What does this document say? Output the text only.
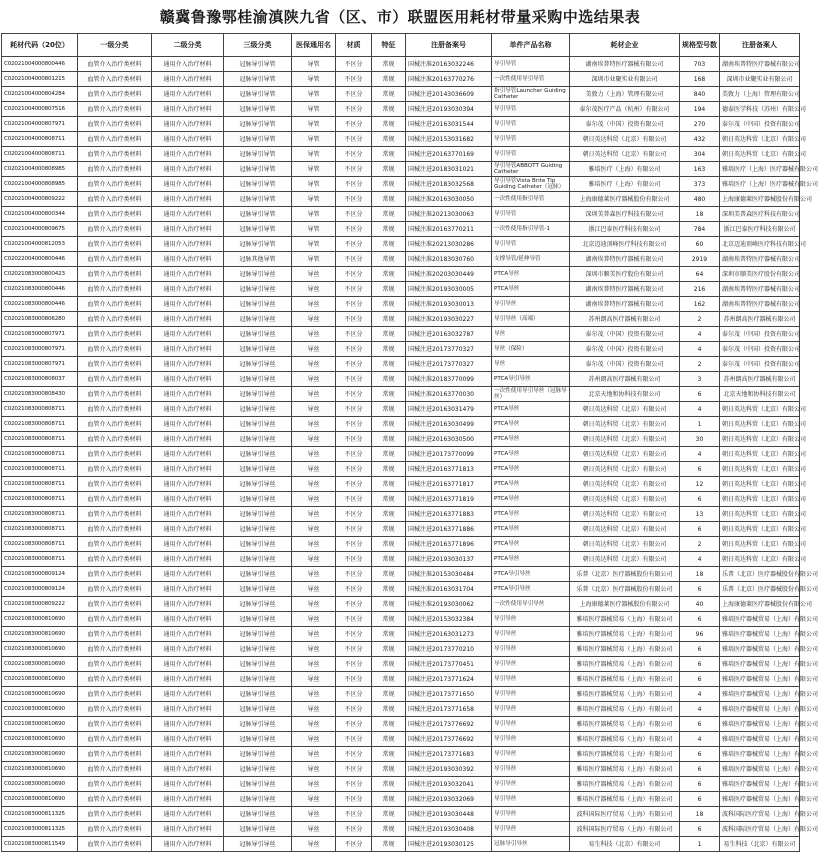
赣冀鲁豫鄂桂渝滇陕九省（区、市）联盟医用耗材带量采购中选结果表
耗材代码（20位）	一级分类	二级分类	三级分类	医保通用名	材质	特征	注册备案号	单件产品名称	耗材企业	规格型号数	注册备案人
C02021004000800446	血管介入治疗类材料	通用介入治疗材料	冠脉导引导管	导管	不区分	常规	国械注准20163032246	导引导管	湖南埃普特医疗器械有限公司	703	湖南埃普特医疗器械有限公司
C02021004000801215	血管介入治疗类材料	通用介入治疗材料	冠脉导引导管	导管	不区分	常规	国械注准20163770276	一次性使用导引导管	深圳市业聚实业有限公司	168	深圳市业聚实业有限公司
C02021004000804284	血管介入治疗类材料	通用介入治疗材料	冠脉导引导管	导管	不区分	常规	国械注进20143036609	指引导管Launcher Guiding Catheter	美敦力（上海）管理有限公司	840	美敦力（上海）管理有限公司
C02021004000807516	血管介入治疗类材料	通用介入治疗材料	冠脉导引导管	导管	不区分	常规	国械注进20193030394	导引导管	泰尔茂医疗产品（杭州）有限公司	194	德泰医学科技（苏州）有限公司
C02021004000807971	血管介入治疗类材料	通用介入治疗材料	冠脉导引导管	导管	不区分	常规	国械注进20163031544	导引导管	泰尔茂（中国）投资有限公司	270	泰尔茂（中国）投资有限公司
C02021004000808711	血管介入治疗类材料	通用介入治疗材料	冠脉导引导管	导管	不区分	常规	国械注进20153031682	导引导管	朝日英达科贸（北京）有限公司	432	朝日英达科贸（北京）有限公司
C02021004000808711	血管介入治疗类材料	通用介入治疗材料	冠脉导引导管	导管	不区分	常规	国械注进20163770169	导引导管	朝日英达科贸（北京）有限公司	304	朝日英达科贸（北京）有限公司
C02021004000808985	血管介入治疗类材料	通用介入治疗材料	冠脉导引导管	导管	不区分	常规	国械注进20183031021	导引导管ABBOTT Guiding Catheter	雅培医疗（上海）有限公司	163	雅培医疗（上海）医疗器械有限公司
C02021004000808985	血管介入治疗类材料	通用介入治疗材料	冠脉导引导管	导管	不区分	常规	国械注进20183032568	导引导管Vista Brite Tip Guiding Catheter（冠脉）	雅培医疗（上海）有限公司	373	雅培医疗（上海）医疗器械有限公司
C02021004000809222	血管介入治疗类材料	通用介入治疗材料	冠脉导引导管	导管	不区分	常规	国械注准20163030050	一次性使用指引导管	上海康德莱医疗器械股份有限公司	480	上海康德莱医疗器械股份有限公司
C02021004000800344	血管介入治疗类材料	通用介入治疗材料	冠脉导引导管	导管	不区分	常规	国械注准20213030063	导引导管	深圳美普森医疗科技有限公司	18	深圳美普森医疗科技有限公司
C02021004000809675	血管介入治疗类材料	通用介入治疗材料	冠脉导引导管	导管	不区分	常规	国械注准20163770211	一次性使用指引导管-1	浙江巴泰医疗科技有限公司	784	浙江巴泰医疗科技有限公司
C02021004000812053	血管介入治疗类材料	通用介入治疗材料	冠脉导引导管	导管	不区分	常规	国械注准20213030286	导引导管	北京迈迪顶峰医疗科技有限公司	60	北京迈迪顶峰医疗科技有限公司
C02022004000800446	血管介入治疗类材料	通用介入治疗材料	冠脉其他导管	导管	不区分	常规	国械注准20183030760	支撑导管/延伸导管	湖南埃普特医疗器械有限公司	2919	湖南埃普特医疗器械有限公司
C02021083000800423	血管介入治疗类材料	通用介入治疗材料	冠脉导引导丝	导丝	不区分	常规	国械注准20203030449	PTCA导丝	深圳市顺美医疗股份有限公司	64	深圳市顺美医疗股份有限公司
C02021083000800446	血管介入治疗类材料	通用介入治疗材料	冠脉导引导丝	导丝	不区分	常规	国械注准20193030005	PTCA导丝	湖南埃普特医疗器械有限公司	216	湖南埃普特医疗器械有限公司
C02021083000800446	血管介入治疗类材料	通用介入治疗材料	冠脉导引导丝	导丝	不区分	常规	国械注准20193030013	导引导丝	湖南埃普特医疗器械有限公司	162	湖南埃普特医疗器械有限公司
C02021083000806280	血管介入治疗类材料	通用介入治疗材料	冠脉导引导丝	导丝	不区分	常规	国械注准20193030227	导引导丝（高端）	苏州朗高医疗器械有限公司	2	苏州朗高医疗器械有限公司
C02021083000807971	血管介入治疗类材料	通用介入治疗材料	冠脉导引导丝	导丝	不区分	常规	国械注进20163032787	导丝	泰尔茂（中国）投资有限公司	4	泰尔茂（中国）投资有限公司
C02021083000807971	血管介入治疗类材料	通用介入治疗材料	冠脉导引导丝	导丝	不区分	常规	国械注进20173770327	导丝（保险）	泰尔茂（中国）投资有限公司	4	泰尔茂（中国）投资有限公司
C02021083000807971	血管介入治疗类材料	通用介入治疗材料	冠脉导引导丝	导丝	不区分	常规	国械注进20173770327	导丝	泰尔茂（中国）投资有限公司	2	泰尔茂（中国）投资有限公司
C02021083000808037	血管介入治疗类材料	通用介入治疗材料	冠脉导引导丝	导丝	不区分	常规	国械注准20183770099	PTCA导引导丝	苏州朗高医疗器械有限公司	3	苏州朗高医疗器械有限公司
C02021083000808430	血管介入治疗类材料	通用介入治疗材料	冠脉导引导丝	导丝	不区分	常规	国械注准20163770030	一次性使用导引导丝（冠脉导丝）	北京天地和协科技有限公司	6	北京天地和协科技有限公司
C02021083000808711	血管介入治疗类材料	通用介入治疗材料	冠脉导引导丝	导丝	不区分	常规	国械注进20163031479	PTCA导丝	朝日英达科贸（北京）有限公司	4	朝日英达科贸（北京）有限公司
C02021083000808711	血管介入治疗类材料	通用介入治疗材料	冠脉导引导丝	导丝	不区分	常规	国械注进20163030499	PTCA导丝	朝日英达科贸（北京）有限公司	1	朝日英达科贸（北京）有限公司
C02021083000808711	血管介入治疗类材料	通用介入治疗材料	冠脉导引导丝	导丝	不区分	常规	国械注进20163030500	PTCA导丝	朝日英达科贸（北京）有限公司	30	朝日英达科贸（北京）有限公司
C02021083000808711	血管介入治疗类材料	通用介入治疗材料	冠脉导引导丝	导丝	不区分	常规	国械注进20173770099	PTCA导丝	朝日英达科贸（北京）有限公司	4	朝日英达科贸（北京）有限公司
C02021083000808711	血管介入治疗类材料	通用介入治疗材料	冠脉导引导丝	导丝	不区分	常规	国械注进20163771813	PTCA导丝	朝日英达科贸（北京）有限公司	6	朝日英达科贸（北京）有限公司
C02021083000808711	血管介入治疗类材料	通用介入治疗材料	冠脉导引导丝	导丝	不区分	常规	国械注进20163771817	PTCA导丝	朝日英达科贸（北京）有限公司	12	朝日英达科贸（北京）有限公司
C02021083000808711	血管介入治疗类材料	通用介入治疗材料	冠脉导引导丝	导丝	不区分	常规	国械注进20163771819	PTCA导丝	朝日英达科贸（北京）有限公司	6	朝日英达科贸（北京）有限公司
C02021083000808711	血管介入治疗类材料	通用介入治疗材料	冠脉导引导丝	导丝	不区分	常规	国械注进20163771883	PTCA导丝	朝日英达科贸（北京）有限公司	13	朝日英达科贸（北京）有限公司
C02021083000808711	血管介入治疗类材料	通用介入治疗材料	冠脉导引导丝	导丝	不区分	常规	国械注进20163771886	PTCA导丝	朝日英达科贸（北京）有限公司	6	朝日英达科贸（北京）有限公司
C02021083000808711	血管介入治疗类材料	通用介入治疗材料	冠脉导引导丝	导丝	不区分	常规	国械注进20163771896	PTCA导丝	朝日英达科贸（北京）有限公司	2	朝日英达科贸（北京）有限公司
C02021083000808711	血管介入治疗类材料	通用介入治疗材料	冠脉导引导丝	导丝	不区分	常规	国械注进20193030137	PTCA导丝	朝日英达科贸（北京）有限公司	4	朝日英达科贸（北京）有限公司
C02021083000809124	血管介入治疗类材料	通用介入治疗材料	冠脉导引导丝	导丝	不区分	常规	国械注准20153030484	PTCA导引导丝	乐普（北京）医疗器械股份有限公司	18	乐普（北京）医疗器械股份有限公司
C02021083000809124	血管介入治疗类材料	通用介入治疗材料	冠脉导引导丝	导丝	不区分	常规	国械注准20163031704	PTCA导引导丝	乐普（北京）医疗器械股份有限公司	6	乐普（北京）医疗器械股份有限公司
C02021083000809222	血管介入治疗类材料	通用介入治疗材料	冠脉导引导丝	导丝	不区分	常规	国械注准20193030062	一次性使用导引导丝	上海康德莱医疗器械股份有限公司	40	上海康德莱医疗器械股份有限公司
C02021083000810690	血管介入治疗类材料	通用介入治疗材料	冠脉导引导丝	导丝	不区分	常规	国械注进20153032384	导引导丝	雅培医疗器械贸易（上海）有限公司	6	雅培医疗器械贸易（上海）有限公司
C02021083000810690	血管介入治疗类材料	通用介入治疗材料	冠脉导引导丝	导丝	不区分	常规	国械注进20163031273	导引导丝	雅培医疗器械贸易（上海）有限公司	96	雅培医疗器械贸易（上海）有限公司
C02021083000810690	血管介入治疗类材料	通用介入治疗材料	冠脉导引导丝	导丝	不区分	常规	国械注进20173770210	导引导丝	雅培医疗器械贸易（上海）有限公司	6	雅培医疗器械贸易（上海）有限公司
C02021083000810690	血管介入治疗类材料	通用介入治疗材料	冠脉导引导丝	导丝	不区分	常规	国械注进20173770451	导引导丝	雅培医疗器械贸易（上海）有限公司	6	雅培医疗器械贸易（上海）有限公司
C02021083000810690	血管介入治疗类材料	通用介入治疗材料	冠脉导引导丝	导丝	不区分	常规	国械注进20173771624	导引导丝	雅培医疗器械贸易（上海）有限公司	6	雅培医疗器械贸易（上海）有限公司
C02021083000810690	血管介入治疗类材料	通用介入治疗材料	冠脉导引导丝	导丝	不区分	常规	国械注进20173771650	导引导丝	雅培医疗器械贸易（上海）有限公司	4	雅培医疗器械贸易（上海）有限公司
C02021083000810690	血管介入治疗类材料	通用介入治疗材料	冠脉导引导丝	导丝	不区分	常规	国械注进20173771658	导引导丝	雅培医疗器械贸易（上海）有限公司	4	雅培医疗器械贸易（上海）有限公司
C02021083000810690	血管介入治疗类材料	通用介入治疗材料	冠脉导引导丝	导丝	不区分	常规	国械注进20173776692	导引导丝	雅培医疗器械贸易（上海）有限公司	6	雅培医疗器械贸易（上海）有限公司
C02021083000810690	血管介入治疗类材料	通用介入治疗材料	冠脉导引导丝	导丝	不区分	常规	国械注进20173776692	导引导丝	雅培医疗器械贸易（上海）有限公司	4	雅培医疗器械贸易（上海）有限公司
C02021083000810690	血管介入治疗类材料	通用介入治疗材料	冠脉导引导丝	导丝	不区分	常规	国械注进20173771683	导引导丝	雅培医疗器械贸易（上海）有限公司	6	雅培医疗器械贸易（上海）有限公司
C02021083000810690	血管介入治疗类材料	通用介入治疗材料	冠脉导引导丝	导丝	不区分	常规	国械注进20193030392	导引导丝	雅培医疗器械贸易（上海）有限公司	6	雅培医疗器械贸易（上海）有限公司
C02021083000810690	血管介入治疗类材料	通用介入治疗材料	冠脉导引导丝	导丝	不区分	常规	国械注进20193032041	导引导丝	雅培医疗器械贸易（上海）有限公司	6	雅培医疗器械贸易（上海）有限公司
C02021083000810690	血管介入治疗类材料	通用介入治疗材料	冠脉导引导丝	导丝	不区分	常规	国械注进20193032069	导引导丝	雅培医疗器械贸易（上海）有限公司	6	雅培医疗器械贸易（上海）有限公司
C02021083000811325	血管介入治疗类材料	通用介入治疗材料	冠脉导引导丝	导丝	不区分	常规	国械注进20193030448	导引导丝	波科国际医疗贸易（上海）有限公司	18	波科国际医疗贸易（上海）有限公司
C02021083000811325	血管介入治疗类材料	通用介入治疗材料	冠脉导引导丝	导丝	不区分	常规	国械注进20193030408	导引导丝	波科国际医疗贸易（上海）有限公司	6	波科国际医疗贸易（上海）有限公司
C02021083000811549	血管介入治疗类材料	通用介入治疗材料	冠脉导引导丝	导丝	不区分	常规	国械注进20193030125	冠脉导引导丝	易生科技（北京）有限公司	1	易生科技（北京）有限公司
